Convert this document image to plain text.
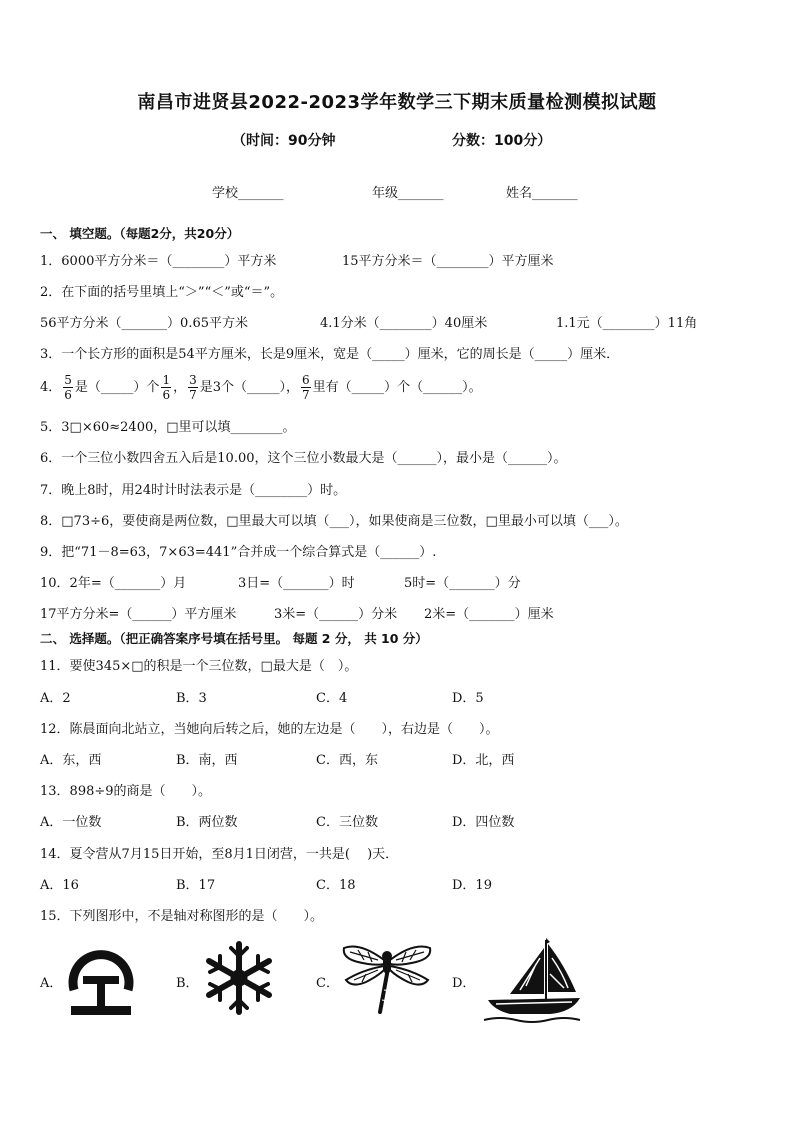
南昌市进贤县2022-2023学年数学三下期末质量检测模拟试题
（时间：90分钟	分数：100分）
学校_______	年级_______	姓名_______
一、 填空题。（每题2分，共20分）
1．6000平方分米＝（________）平方米	15平方分米＝（________）平方厘米
2．在下面的括号里填上“＞”“＜”或“＝”。
56平方分米（_______）0.65平方米	4.1分米（________）40厘米	1.1元（________）11角
3．一个长方形的面积是54平方厘米，长是9厘米，宽是（_____）厘米，它的周长是（_____）厘米．
4． $\frac{5}{6}$ 是（_____）个 $\frac{1}{6}$ ， $\frac{3}{7}$ 是3个（_____）， $\frac{6}{7}$ 里有（_____）个（______）。
5．3□×60≈2400，□里可以填________。
6．一个三位小数四舍五入后是10.00，这个三位小数最大是（______），最小是（______）。
7．晚上8时，用24时计时法表示是（________）时。
8．□73÷6，要使商是两位数，□里最大可以填（___），如果使商是三位数，□里最小可以填（___）。
9．把“71－8=63，7×63=441”合并成一个综合算式是（______）.
10．2年=（_______）月	3日=（_______）时	5时=（_______）分
17平方分米=（______）平方厘米	3米=（______）分米 2米=（_______）厘米
二、 选择题。（把正确答案序号填在括号里。 每题 2 分， 共 10 分）
11．要使345×□的积是一个三位数，□最大是（　）。
A．2	B．3	C．4	D．5
12．陈晨面向北站立，当她向后转之后，她的左边是（　　），右边是（　　）。
A．东，西	B．南，西	C．西，东	D．北，西
13．898÷9的商是（　　）。
A．一位数	B．两位数	C．三位数	D．四位数
14．夏令营从7月15日开始，至8月1日闭营，一共是(　 )天．
A．16	B．17	C．18	D．19
15．下列图形中，不是轴对称图形的是（　　）。
A．	B．	C．	D．
